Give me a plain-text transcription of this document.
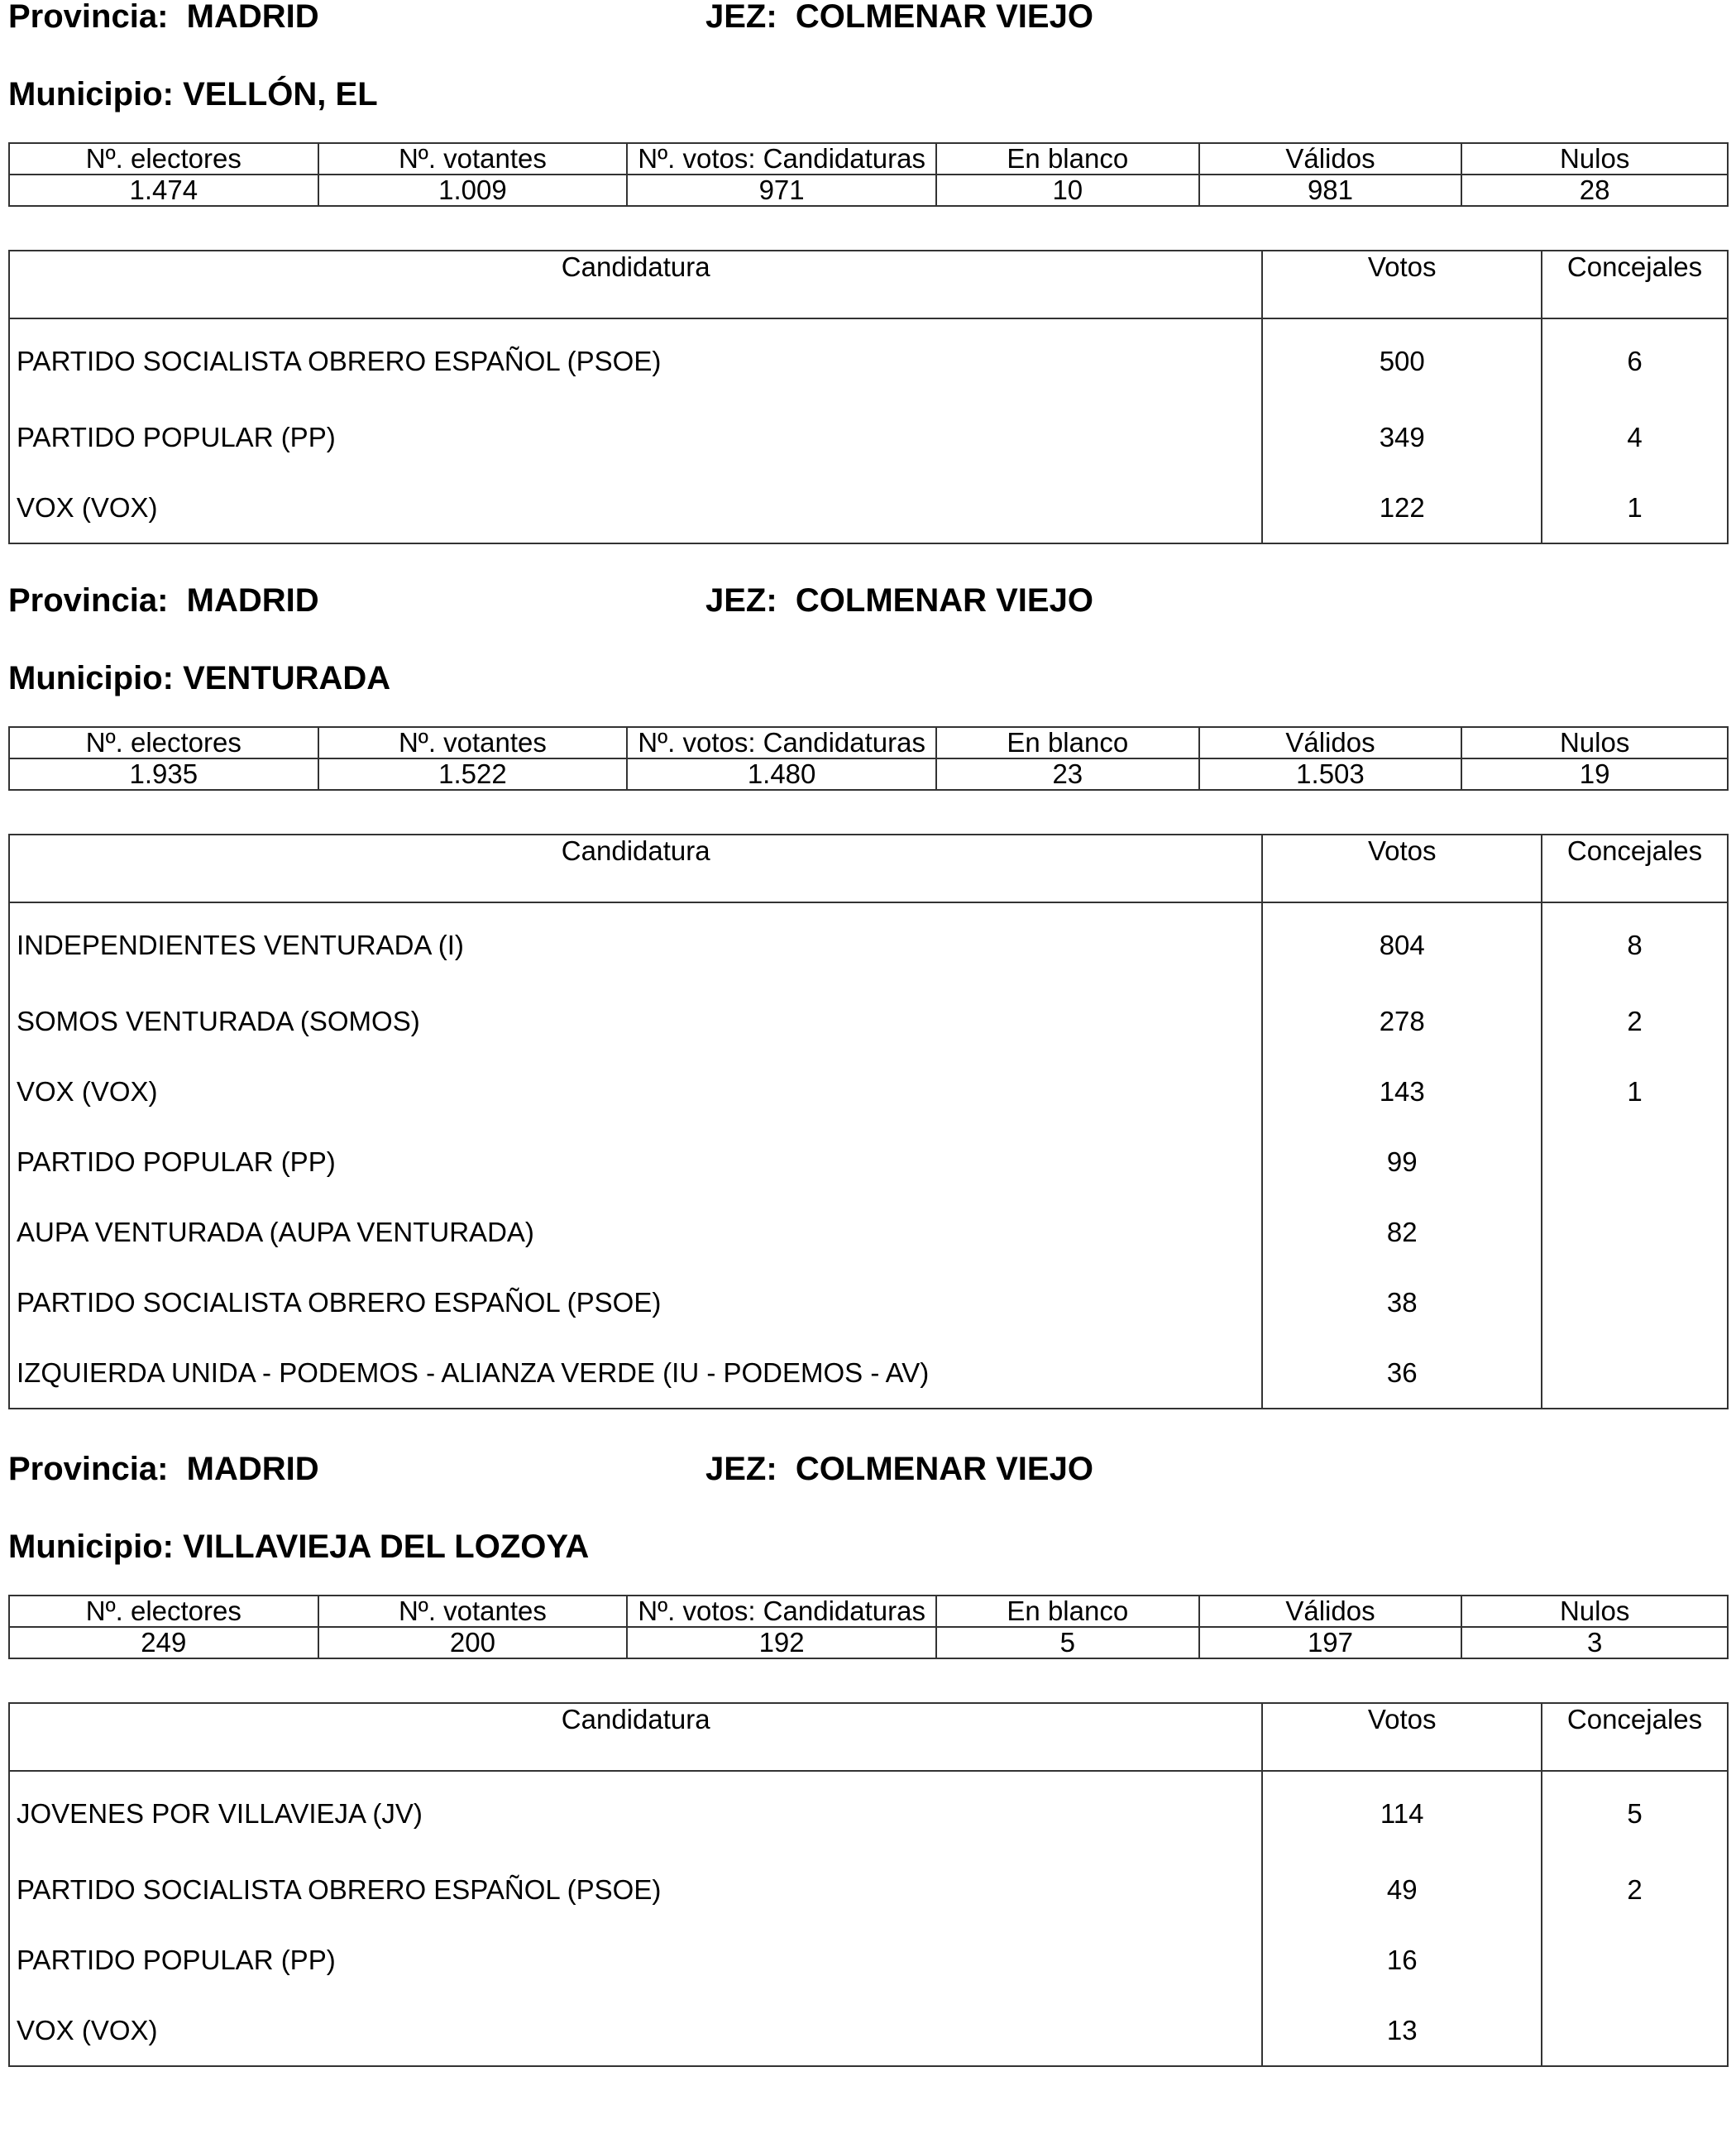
Provincia:  MADRID	JEZ:  COLMENAR VIEJO
Municipio: VELLÓN, EL
Nº. electores	Nº. votantes	Nº. votos: Candidaturas	En blanco	Válidos	Nulos
1.474	1.009	971	10	981	28
Candidatura	Votos	Concejales
PARTIDO SOCIALISTA OBRERO ESPAÑOL (PSOE)	500	6
PARTIDO POPULAR (PP)	349	4
VOX (VOX)	122	1
Provincia:  MADRID	JEZ:  COLMENAR VIEJO
Municipio: VENTURADA
Nº. electores	Nº. votantes	Nº. votos: Candidaturas	En blanco	Válidos	Nulos
1.935	1.522	1.480	23	1.503	19
Candidatura	Votos	Concejales
INDEPENDIENTES VENTURADA (I)	804	8
SOMOS VENTURADA (SOMOS)	278	2
VOX (VOX)	143	1
PARTIDO POPULAR (PP)	99	
AUPA VENTURADA (AUPA VENTURADA)	82	
PARTIDO SOCIALISTA OBRERO ESPAÑOL (PSOE)	38	
IZQUIERDA UNIDA - PODEMOS - ALIANZA VERDE (IU - PODEMOS - AV)	36	
Provincia:  MADRID	JEZ:  COLMENAR VIEJO
Municipio: VILLAVIEJA DEL LOZOYA
Nº. electores	Nº. votantes	Nº. votos: Candidaturas	En blanco	Válidos	Nulos
249	200	192	5	197	3
Candidatura	Votos	Concejales
JOVENES POR VILLAVIEJA (JV)	114	5
PARTIDO SOCIALISTA OBRERO ESPAÑOL (PSOE)	49	2
PARTIDO POPULAR (PP)	16	
VOX (VOX)	13	
